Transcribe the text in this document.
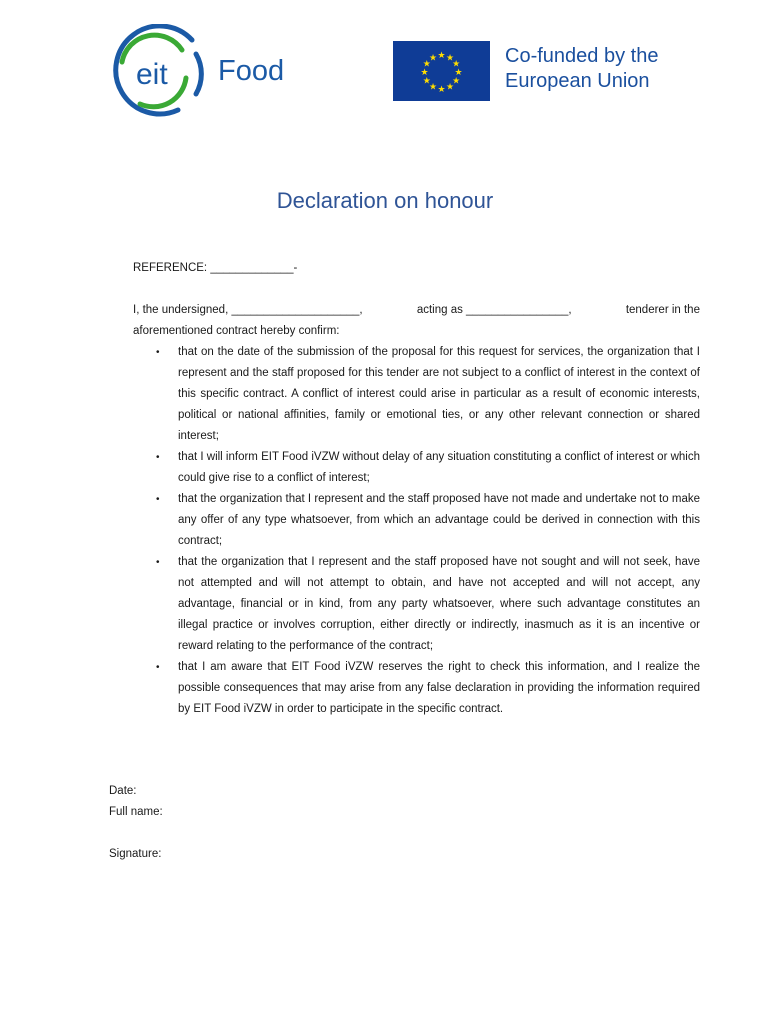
eit Food	★ ★
★
★
★
★
★
★
★
★
★
★	Co-funded by the
European Union
Declaration on honour
REFERENCE: _____________-
I, the undersigned, ____________________,	acting as ________________,	tenderer in the
aforementioned contract hereby confirm:
• that on the date of the submission of the proposal for this request for services, the organization that I represent and the staff proposed for this tender are not subject to a conflict of interest in the context of this specific contract. A conflict of interest could arise in particular as a result of economic interests, political or national affinities, family or emotional ties, or any other relevant connection or shared interest;
• that I will inform EIT Food iVZW without delay of any situation constituting a conflict of interest or which could give rise to a conflict of interest;
• that the organization that I represent and the staff proposed have not made and undertake not to make any offer of any type whatsoever, from which an advantage could be derived in connection with this contract;
• that the organization that I represent and the staff proposed have not sought and will not seek, have not attempted and will not attempt to obtain, and have not accepted and will not accept, any advantage, financial or in kind, from any party whatsoever, where such advantage constitutes an illegal practice or involves corruption, either directly or indirectly, inasmuch as it is an incentive or reward relating to the performance of the contract;
• that I am aware that EIT Food iVZW reserves the right to check this information, and I realize the possible consequences that may arise from any false declaration in providing the information required by EIT Food iVZW in order to participate in the specific contract.
Date:
Full name:
Signature:
